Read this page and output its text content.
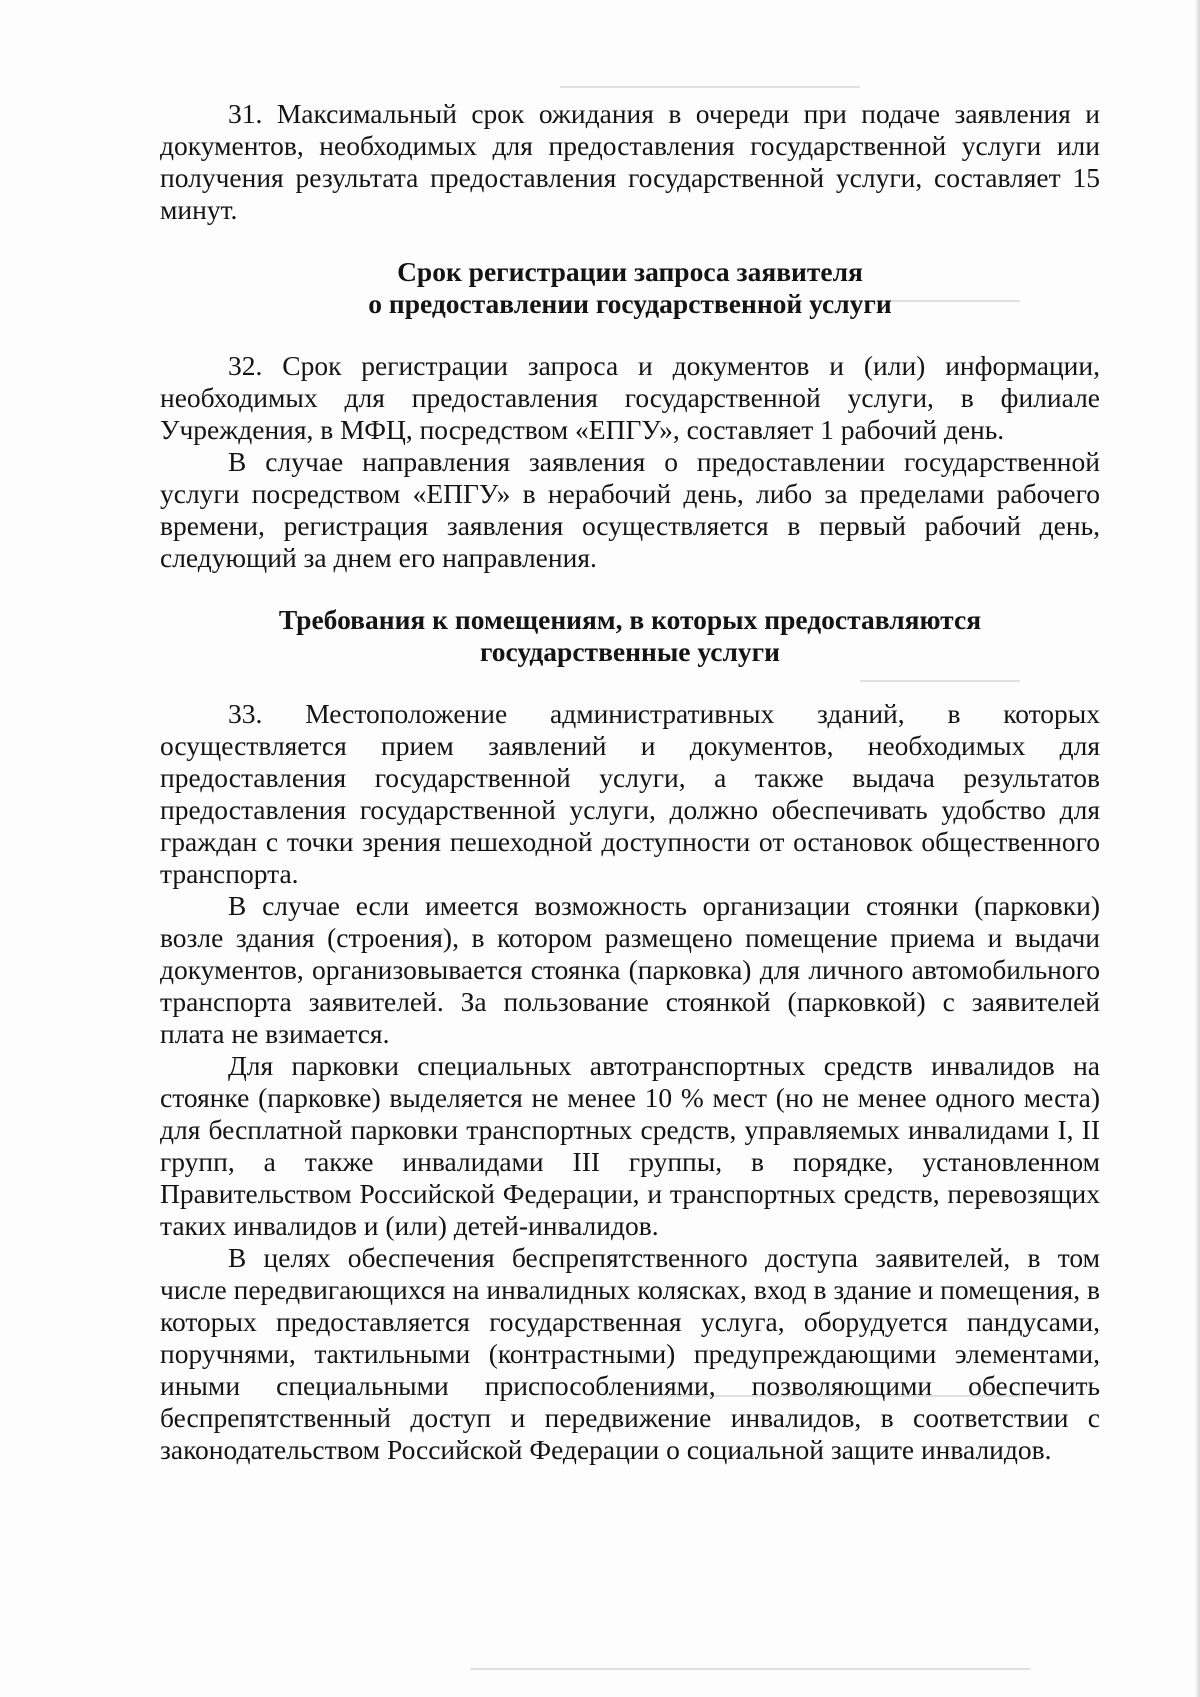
31. Максимальный срок ожидания в очереди при подаче заявления и документов, необходимых для предоставления государственной услуги или получения результата предоставления государственной услуги, составляет 15 минут.

Срок регистрации запроса заявителя
о предоставлении государственной услуги

32. Срок регистрации запроса и документов и (или) информации, необходимых для предоставления государственной услуги, в филиале Учреждения, в МФЦ, посредством «ЕПГУ», составляет 1 рабочий день.

В случае направления заявления о предоставлении государственной услуги посредством «ЕПГУ» в нерабочий день, либо за пределами рабочего времени, регистрация заявления осуществляется в первый рабочий день, следующий за днем его направления.

Требования к помещениям, в которых предоставляются
государственные услуги

33. Местоположение административных зданий, в которых осуществляется прием заявлений и документов, необходимых для предоставления государственной услуги, а также выдача результатов предоставления государственной услуги, должно обеспечивать удобство для граждан с точки зрения пешеходной доступности от остановок общественного транспорта.

В случае если имеется возможность организации стоянки (парковки) возле здания (строения), в котором размещено помещение приема и выдачи документов, организовывается стоянка (парковка) для личного автомобильного транспорта заявителей. За пользование стоянкой (парковкой) с заявителей плата не взимается.

Для парковки специальных автотранспортных средств инвалидов на стоянке (парковке) выделяется не менее 10 % мест (но не менее одного места) для бесплатной парковки транспортных средств, управляемых инвалидами I, II групп, а также инвалидами III группы, в порядке, установленном Правительством Российской Федерации, и транспортных средств, перевозящих таких инвалидов и (или) детей-инвалидов.

В целях обеспечения беспрепятственного доступа заявителей, в том числе передвигающихся на инвалидных колясках, вход в здание и помещения, в которых предоставляется государственная услуга, оборудуется пандусами, поручнями, тактильными (контрастными) предупреждающими элементами, иными специальными приспособлениями, позволяющими обеспечить беспрепятственный доступ и передвижение инвалидов, в соответствии с законодательством Российской Федерации о социальной защите инвалидов.
